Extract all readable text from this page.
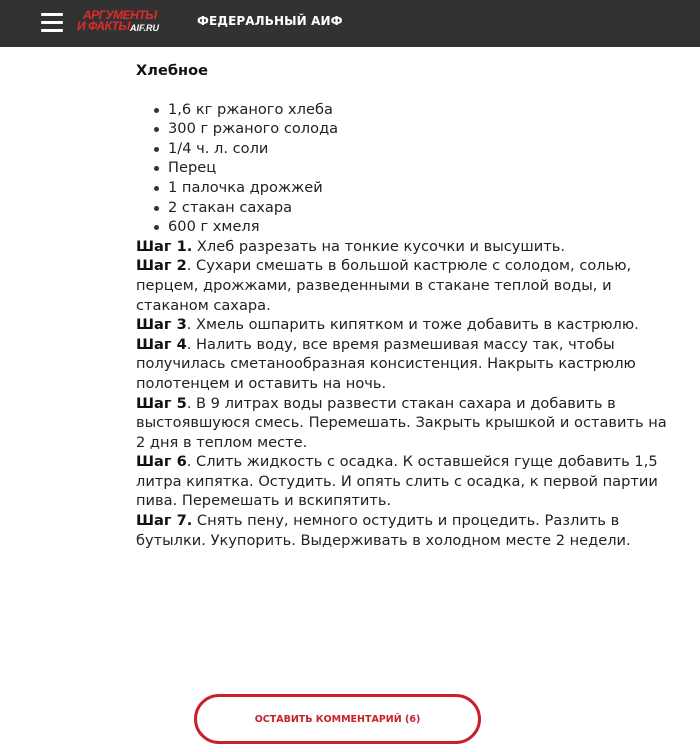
АРГУМЕНТЫ
И ФАКТЫ AIF.RU	ФЕДЕРАЛЬНЫЙ АИФ
Хлебное
1,6 кг ржаного хлеба
300 г ржаного солода
1/4 ч. л. соли
Перец
1 палочка дрожжей
2 стакан сахара
600 г хмеля

Шаг 1. Хлеб разрезать на тонкие кусочки и высушить.

Шаг 2. Сухари смешать в большой кастрюле с солодом, солью, перцем, дрожжами, разведенными в стакане теплой воды, и стаканом сахара.

Шаг 3. Хмель ошпарить кипятком и тоже добавить в кастрюлю.

Шаг 4. Налить воду, все время размешивая массу так, чтобы получилась сметанообразная консистенция. Накрыть кастрюлю полотенцем и оставить на ночь.

Шаг 5. В 9 литрах воды развести стакан сахара и добавить в выстоявшуюся смесь. Перемешать. Закрыть крышкой и оставить на 2 дня в теплом месте.

Шаг 6. Слить жидкость с осадка. К оставшейся гуще добавить 1,5 литра кипятка. Остудить. И опять слить с осадка, к первой партии пива. Перемешать и вскипятить.

Шаг 7. Снять пену, немного остудить и процедить. Разлить в бутылки. Укупорить. Выдерживать в холодном месте 2 недели.

ОСТАВИТЬ КОММЕНТАРИЙ (6)
